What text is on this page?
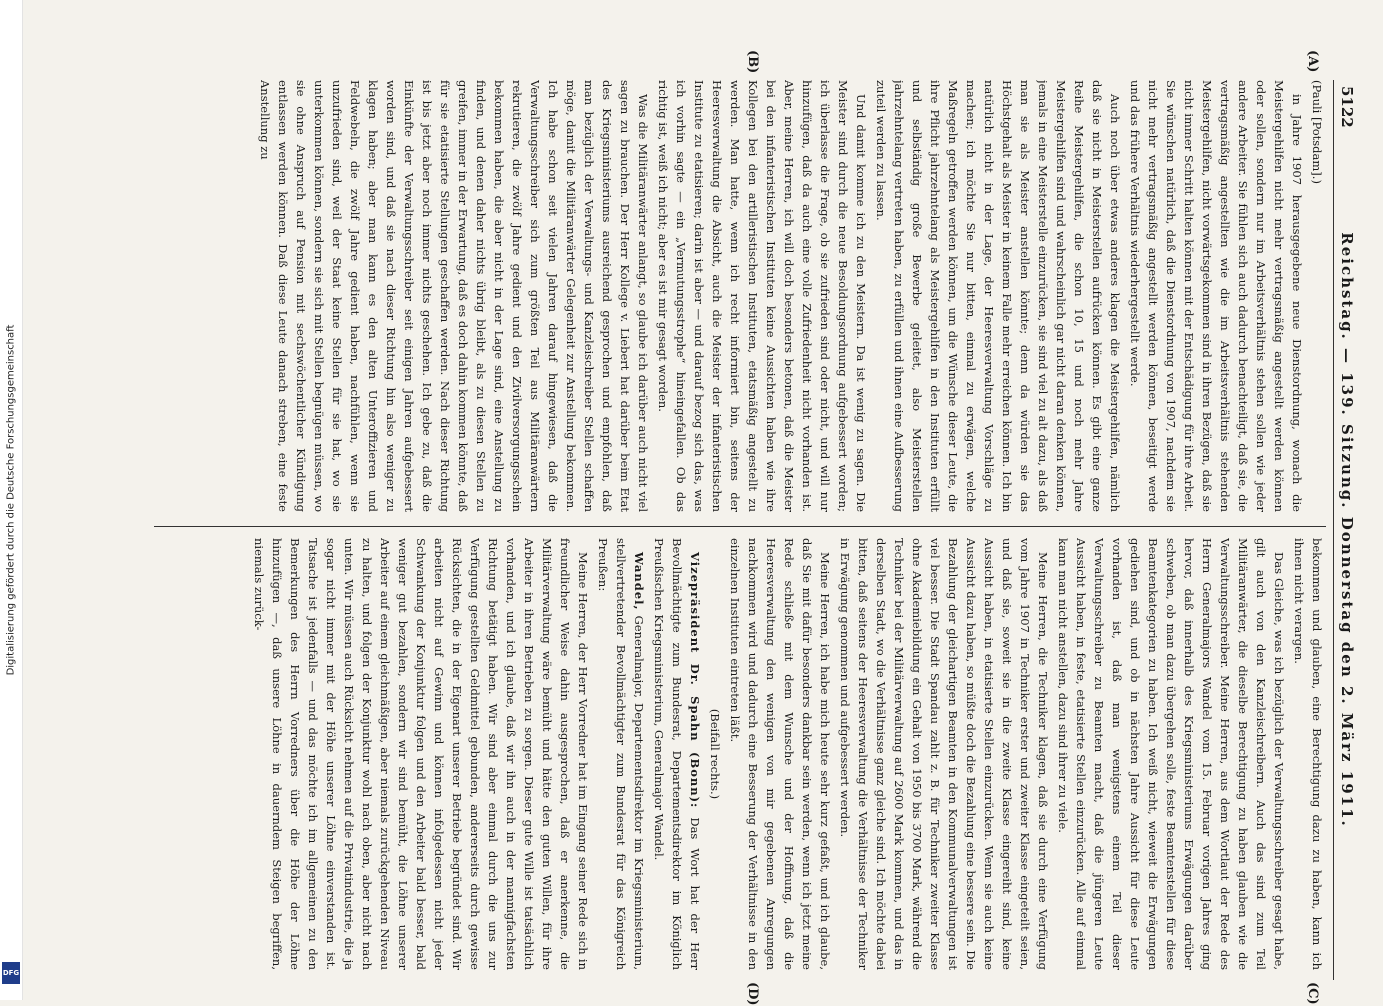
Digitalisierung gefördert durch die Deutsche Forschungsgemeinschaft
DFG
5122
Reichstag. — 139. Sitzung. Donnerstag den 2. März 1911.

(Pauli [Potsdam].)

in Jahre 1907 herausgegebene neue Dienstordnung, wonach die Meistergehilfen nicht mehr vertragsmäßig angestellt werden können oder sollen, sondern nur im Arbeitsverhältnis stehen sollen wie jeder andere Arbeiter. Sie fühlen sich auch dadurch benachteiligt, daß sie, die vertragsmäßig angestellten wie die im Arbeitsverhältnis stehenden Meistergehilfen, nicht vorwärtsgekommen sind in ihren Bezügen, daß sie nicht immer Schritt halten können mit der Entschädigung für ihre Arbeit. Sie wünschen natürlich, daß die Dienstordnung von 1907, nachdem sie nicht mehr vertragsmäßig angestellt werden können, beseitigt werde und das frühere Verhältnis wiederhergestellt werde.

Auch noch über etwas anderes klagen die Meistergehilfen, nämlich daß sie nicht in Meisterstellen aufrücken können. Es gibt eine ganze Reihe Meistergehilfen, die schon 10, 15 und noch mehr Jahre Meistergehilfen sind und wahrscheinlich gar nicht daran denken können, jemals in eine Meisterstelle einzurücken, sie sind viel zu alt dazu, als daß man sie als Meister anstellen könnte; denn da würden sie das Höchstgehalt als Meister in keinem Falle mehr erreichen können. Ich bin natürlich nicht in der Lage, der Heeresverwaltung Vorschläge zu machen; ich möchte Sie nur bitten, einmal zu erwägen, welche Maßregeln getroffen werden können, um die Wünsche dieser Leute, die ihre Pflicht jahrzehntelang als Meistergehilfen in den Instituten erfüllt und selbständig große Bewerbe geleitet, also Meisterstellen jahrzehntelang vertreten haben, zu erfüllen und ihnen eine Aufbesserung zuteil werden zu lassen.

Und damit komme ich zu den Meistern. Da ist wenig zu sagen. Die Meister sind durch die neue Besoldungsordnung aufgebessert worden; ich überlasse die Frage, ob sie zufrieden sind oder nicht, und will nur hinzufügen, daß da auch eine volle Zufriedenheit nicht vorhanden ist. Aber, meine Herren, ich will doch besonders betonen, daß die Meister bei den infanteristischen Instituten keine Aussichten haben wie ihre Kollegen bei den artilleristischen Instituten, etatsmäßig angestellt zu werden. Man hatte, wenn ich recht informiert bin, seitens der Heeresverwaltung die Absicht, auch die Meister der infanteristischen Institute zu etatisieren; darin ist aber — und darauf bezog sich das, was ich vorhin sagte — ein „Vermutungsstrophe“ hineingefallen. Ob das richtig ist, weiß ich nicht; aber es ist mir gesagt worden.

Was die Militäranwärter anlangt, so glaube ich darüber auch nicht viel sagen zu brauchen. Der Herr Kollege v. Liebert hat darüber beim Etat des Kriegsministeriums ausreichend gesprochen und empfohlen, daß man bezüglich der Verwaltungs- und Kanzleischreiber Stellen schaffen möge, damit die Militäranwärter Gelegenheit zur Anstellung bekommen. Ich habe schon seit vielen Jahren darauf hingewiesen, daß die Verwaltungsschreiber sich zum größten Teil aus Militäranwärtern rekrutieren, die zwölf Jahre gedient und den Zivilversorgungsschein bekommen haben, die aber nicht in der Lage sind, eine Anstellung zu finden, und denen daher nichts übrig bleibt, als zu diesen Stellen zu greifen, immer in der Erwartung, daß es doch dahin kommen könnte, daß für sie etatisierte Stellungen geschaffen werden. Nach dieser Richtung ist bis jetzt aber noch immer nichts geschehen. Ich gebe zu, daß die Einkünfte der Verwaltungsschreiber seit einigen Jahren aufgebessert worden sind, und daß sie nach dieser Richtung hin also weniger zu klagen haben; aber man kann es den alten Unteroffizieren und Feldwebeln, die zwölf Jahre gedient haben, nachfühlen, wenn sie unzufrieden sind, weil der Staat keine Stellen für sie hat, wo sie unterkommen können, sondern sie sich mit Stellen begnügen müssen, wo sie ohne Anspruch auf Pension mit sechswöchentlicher Kündigung entlassen werden können. Daß diese Leute danach streben, eine feste Anstellung zu

bekommen und glauben, eine Berechtigung dazu zu haben, kann ich ihnen nicht verargen.

Das Gleiche, was ich bezüglich der Verwaltungsschreiber gesagt habe, gilt auch von den Kanzleischreibern. Auch das sind zum Teil Militäranwärter, die dieselbe Berechtigung zu haben glauben wie die Verwaltungsschreiber. Meine Herren, aus dem Wortlaut der Rede des Herrn Generalmajors Wandel vom 15. Februar vorigen Jahres ging hervor, daß innerhalb des Kriegsministeriums Erwägungen darüber schweben, ob man dazu übergehen solle, feste Beamtenstellen für diese Beamtenkategorien zu haben. Ich weiß nicht, wieweit die Erwägungen gediehen sind, und ob in nächsten Jahre Aussicht für diese Leute vorhanden ist, daß man wenigstens einem Teil dieser Verwaltungsschreiber zu Beamten macht, daß die jüngeren Leute Aussicht haben, in feste, etatisierte Stellen einzurücken. Alle auf einmal kann man nicht anstellen, dazu sind ihrer zu viele.

Meine Herren, die Techniker klagen, daß sie durch eine Verfügung vom Jahre 1907 in Techniker erster und zweiter Klasse eingeteilt seien, und daß sie, soweit sie in die zweite Klasse eingereiht sind, keine Aussicht haben, in etatisierte Stellen einzurücken. Wenn sie auch keine Aussicht dazu haben, so müßte doch die Bezahlung eine bessere sein. Die Bezahlung der gleichartigen Beamten in den Kommunalverwaltungen ist viel besser. Die Stadt Spandau zahlt z. B. für Techniker zweiter Klasse ohne Akademiebildung ein Gehalt von 1950 bis 3700 Mark, während die Techniker bei der Militärverwaltung auf 2600 Mark kommen, und das in derselben Stadt, wo die Verhältnisse ganz gleiche sind. Ich möchte dabei bitten, daß seitens der Heeresverwaltung die Verhältnisse der Techniker in Erwägung genommen und aufgebessert werden.

Meine Herren, ich habe mich heute sehr kurz gefaßt, und ich glaube, daß Sie mit dafür besonders dankbar sein werden, wenn ich jetzt meine Rede schließe mit dem Wunsche und der Hoffnung, daß die Heeresverwaltung den wenigen von mir gegebenen Anregungen nachkommen wird und dadurch eine Besserung der Verhältnisse in den einzelnen Instituten eintreten läßt.

(Beifall rechts.)

Vizepräsident Dr. Spahn (Bonn): Das Wort hat der Herr Bevollmächtigte zum Bundesrat, Departementsdirektor im Königlich Preußischen Kriegsministerium, Generalmajor Wandel.

Wandel, Generalmajor, Departementsdirektor im Kriegsministerium, stellvertretender Bevollmächtigter zum Bundesrat für das Königreich Preußen:

Meine Herren, der Herr Vorredner hat im Eingang seiner Rede sich in freundlicher Weise dahin ausgesprochen, daß er anerkenne, die Militärverwaltung wäre bemüht und hätte den guten Willen, für ihre Arbeiter in ihren Betrieben zu sorgen. Dieser gute Wille ist tatsächlich vorhanden, und ich glaube, daß wir ihn auch in der mannigfachsten Richtung betätigt haben. Wir sind aber einmal durch die uns zur Verfügung gestellten Geldmittel gebunden, andererseits durch gewisse Rücksichten, die in der Eigenart unserer Betriebe begründet sind. Wir arbeiten nicht auf Gewinn und können infolgedessen nicht jeder Schwankung der Konjunktur folgen und den Arbeiter bald besser, bald weniger gut bezahlen, sondern wir sind bemüht, die Löhne unserer Arbeiter auf einem gleichmäßigen, aber niemals zurückgehenden Niveau zu halten, und folgen der Konjunktur wohl nach oben, aber nicht nach unten. Wir müssen auch Rücksicht nehmen auf die Privatindustrie, die ja sogar nicht immer mit der Höhe unserer Löhne einverstanden ist. Tatsache ist jedenfalls — und das möchte ich im allgemeinen zu den Bemerkungen des Herrn Vorredners über die Höhe der Löhne hinzufügen —, daß unsere Löhne in dauerndem Steigen begriffen, niemals zurück-

(A)
(B)
(C)
(D)
